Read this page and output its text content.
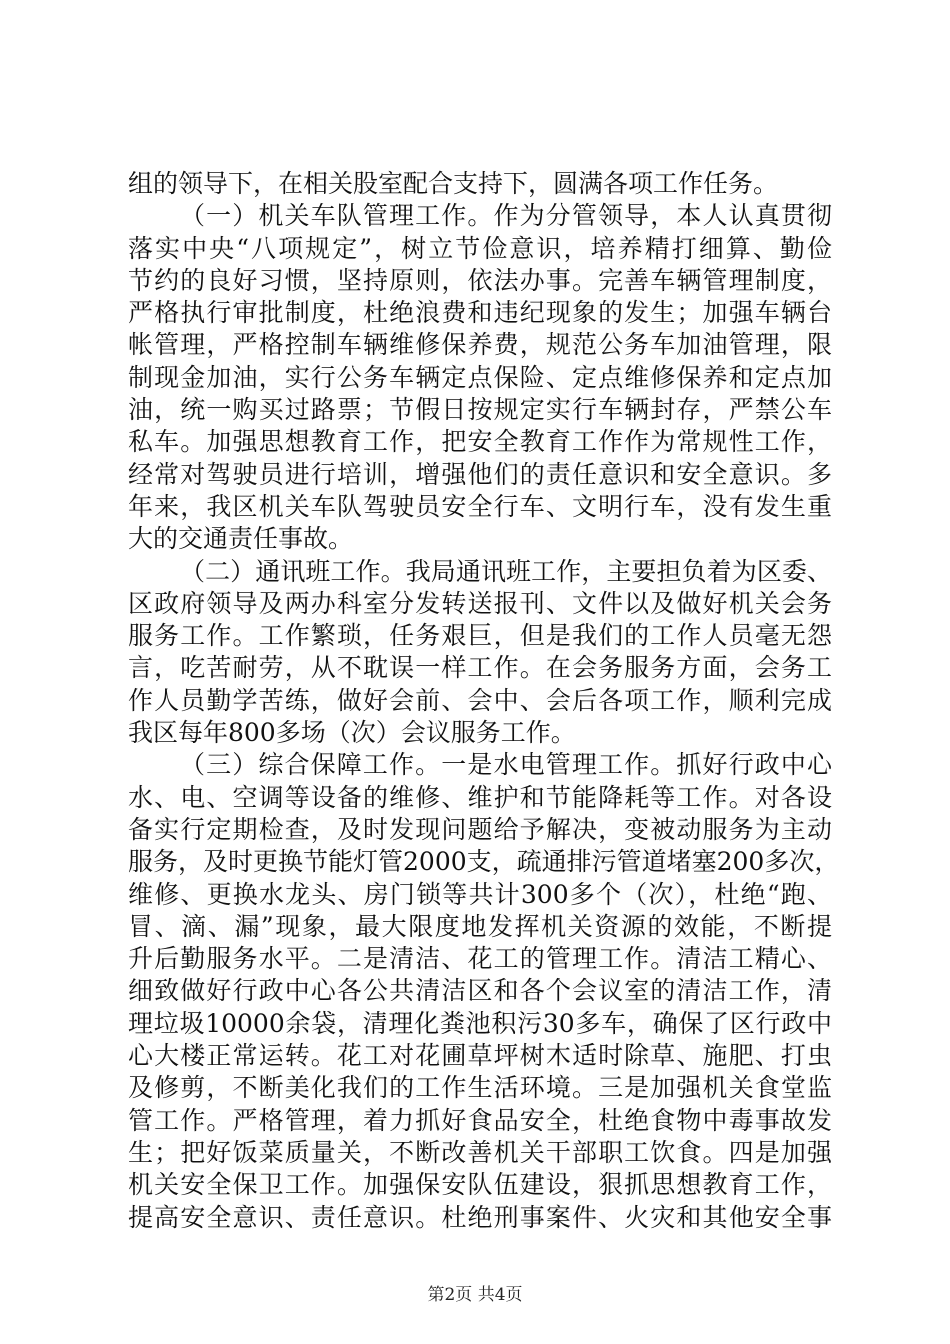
组的领导下，在相关股室配合支持下，圆满各项工作任务。
（一）机关车队管理工作。作为分管领导，本人认真贯彻
落实中央“八项规定”，树立节俭意识，培养精打细算、勤俭
节约的良好习惯，坚持原则，依法办事。完善车辆管理制度，
严格执行审批制度，杜绝浪费和违纪现象的发生；加强车辆台
帐管理，严格控制车辆维修保养费，规范公务车加油管理，限
制现金加油，实行公务车辆定点保险、定点维修保养和定点加
油，统一购买过路票；节假日按规定实行车辆封存，严禁公车
私车。加强思想教育工作，把安全教育工作作为常规性工作，
经常对驾驶员进行培训，增强他们的责任意识和安全意识。多
年来，我区机关车队驾驶员安全行车、文明行车，没有发生重
大的交通责任事故。
（二）通讯班工作。我局通讯班工作，主要担负着为区委、
区政府领导及两办科室分发转送报刊、文件以及做好机关会务
服务工作。工作繁琐，任务艰巨，但是我们的工作人员毫无怨
言，吃苦耐劳，从不耽误一样工作。在会务服务方面，会务工
作人员勤学苦练，做好会前、会中、会后各项工作，顺利完成
我区每年800多场（次）会议服务工作。
（三）综合保障工作。一是水电管理工作。抓好行政中心
水、电、空调等设备的维修、维护和节能降耗等工作。对各设
备实行定期检查，及时发现问题给予解决，变被动服务为主动
服务，及时更换节能灯管2000支，疏通排污管道堵塞200多次，
维修、更换水龙头、房门锁等共计300多个（次），杜绝“跑、
冒、滴、漏”现象，最大限度地发挥机关资源的效能，不断提
升后勤服务水平。二是清洁、花工的管理工作。清洁工精心、
细致做好行政中心各公共清洁区和各个会议室的清洁工作，清
理垃圾10000余袋，清理化粪池积污30多车，确保了区行政中
心大楼正常运转。花工对花圃草坪树木适时除草、施肥、打虫
及修剪，不断美化我们的工作生活环境。三是加强机关食堂监
管工作。严格管理，着力抓好食品安全，杜绝食物中毒事故发
生；把好饭菜质量关，不断改善机关干部职工饮食。四是加强
机关安全保卫工作。加强保安队伍建设，狠抓思想教育工作，
提高安全意识、责任意识。杜绝刑事案件、火灾和其他安全事
第2页 共4页
